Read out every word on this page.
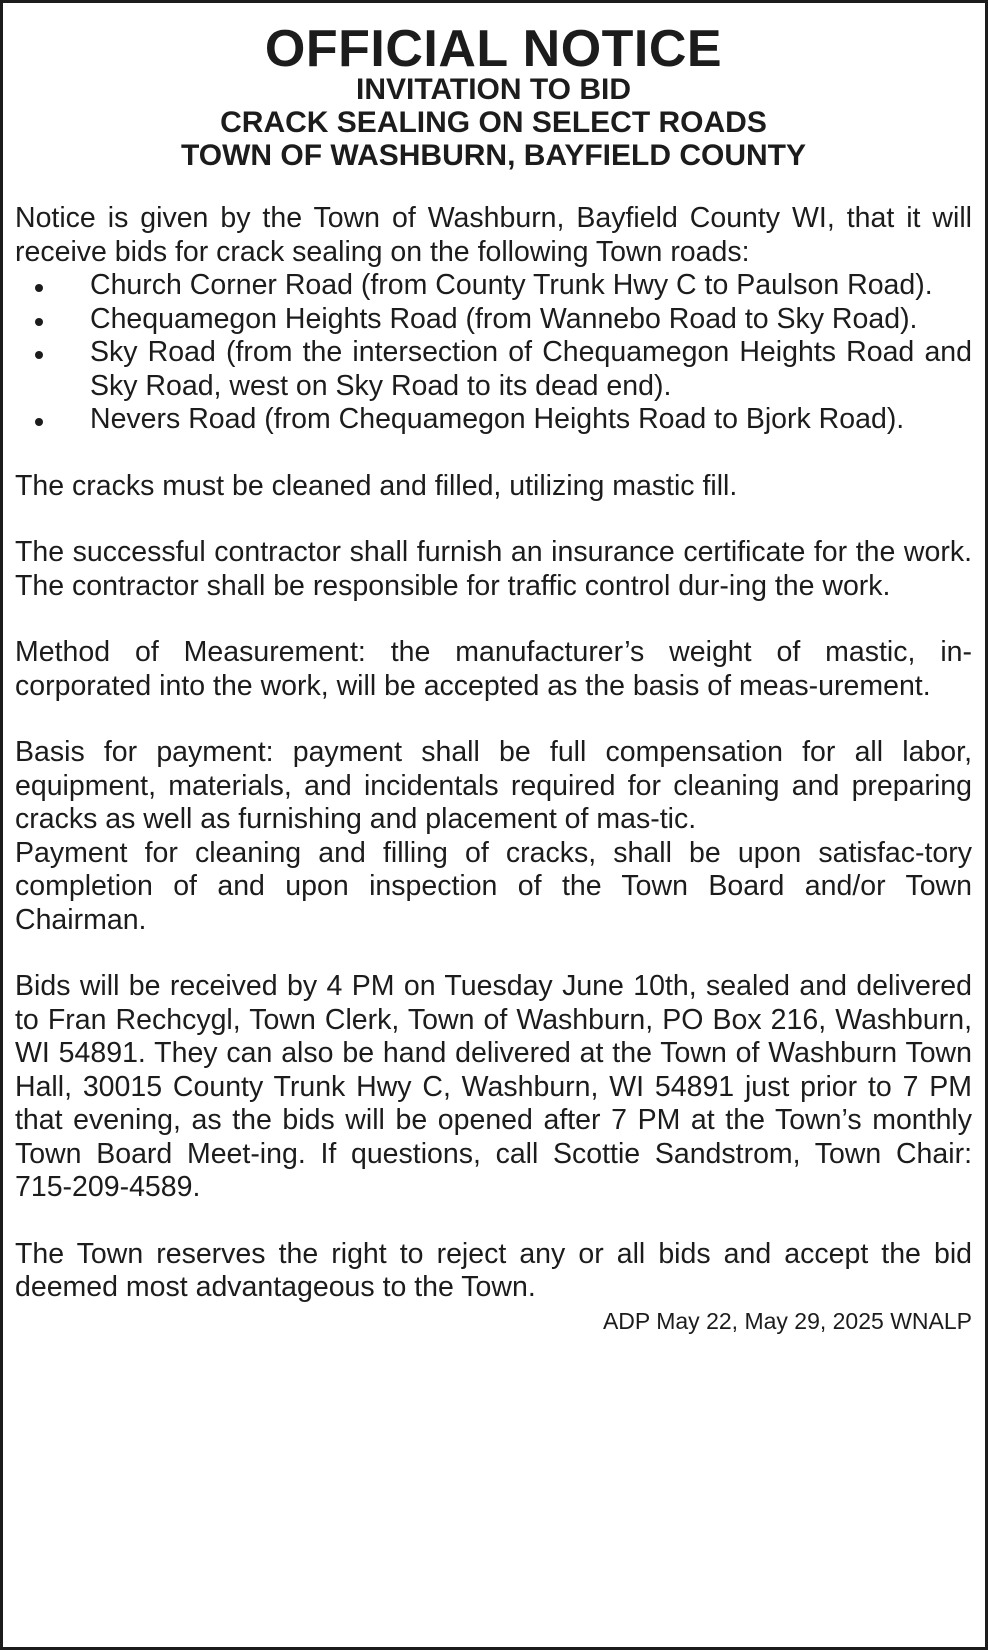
OFFICIAL NOTICE

INVITATION TO BID

CRACK SEALING ON SELECT ROADS

TOWN OF WASHBURN, BAYFIELD COUNTY

Notice is given by the Town of Washburn, Bayfield County WI, that it will receive bids for crack sealing on the following Town roads:

Church Corner Road (from County Trunk Hwy C to Paulson Road).
Chequamegon Heights Road (from Wannebo Road to Sky Road).
Sky Road (from the intersection of Chequamegon Heights Road and Sky Road, west on Sky Road to its dead end).
Nevers Road (from Chequamegon Heights Road to Bjork Road).

The cracks must be cleaned and filled, utilizing mastic fill.

The successful contractor shall furnish an insurance certificate for the work. The contractor shall be responsible for traffic control dur-ing the work.

Method of Measurement: the manufacturer’s weight of mastic, in-corporated into the work, will be accepted as the basis of meas-urement.

Basis for payment: payment shall be full compensation for all labor, equipment, materials, and incidentals required for cleaning and preparing cracks as well as furnishing and placement of mas-tic.

Payment for cleaning and filling of cracks, shall be upon satisfac-tory completion of and upon inspection of the Town Board and/or Town Chairman.

Bids will be received by 4 PM on Tuesday June 10th, sealed and delivered to Fran Rechcygl, Town Clerk, Town of Washburn, PO Box 216, Washburn, WI 54891. They can also be hand delivered at the Town of Washburn Town Hall, 30015 County Trunk Hwy C, Washburn, WI 54891 just prior to 7 PM that evening, as the bids will be opened after 7 PM at the Town’s monthly Town Board Meet-ing. If questions, call Scottie Sandstrom, Town Chair: 715-209-4589.

The Town reserves the right to reject any or all bids and accept the bid deemed most advantageous to the Town.

ADP May 22, May 29, 2025 WNALP
